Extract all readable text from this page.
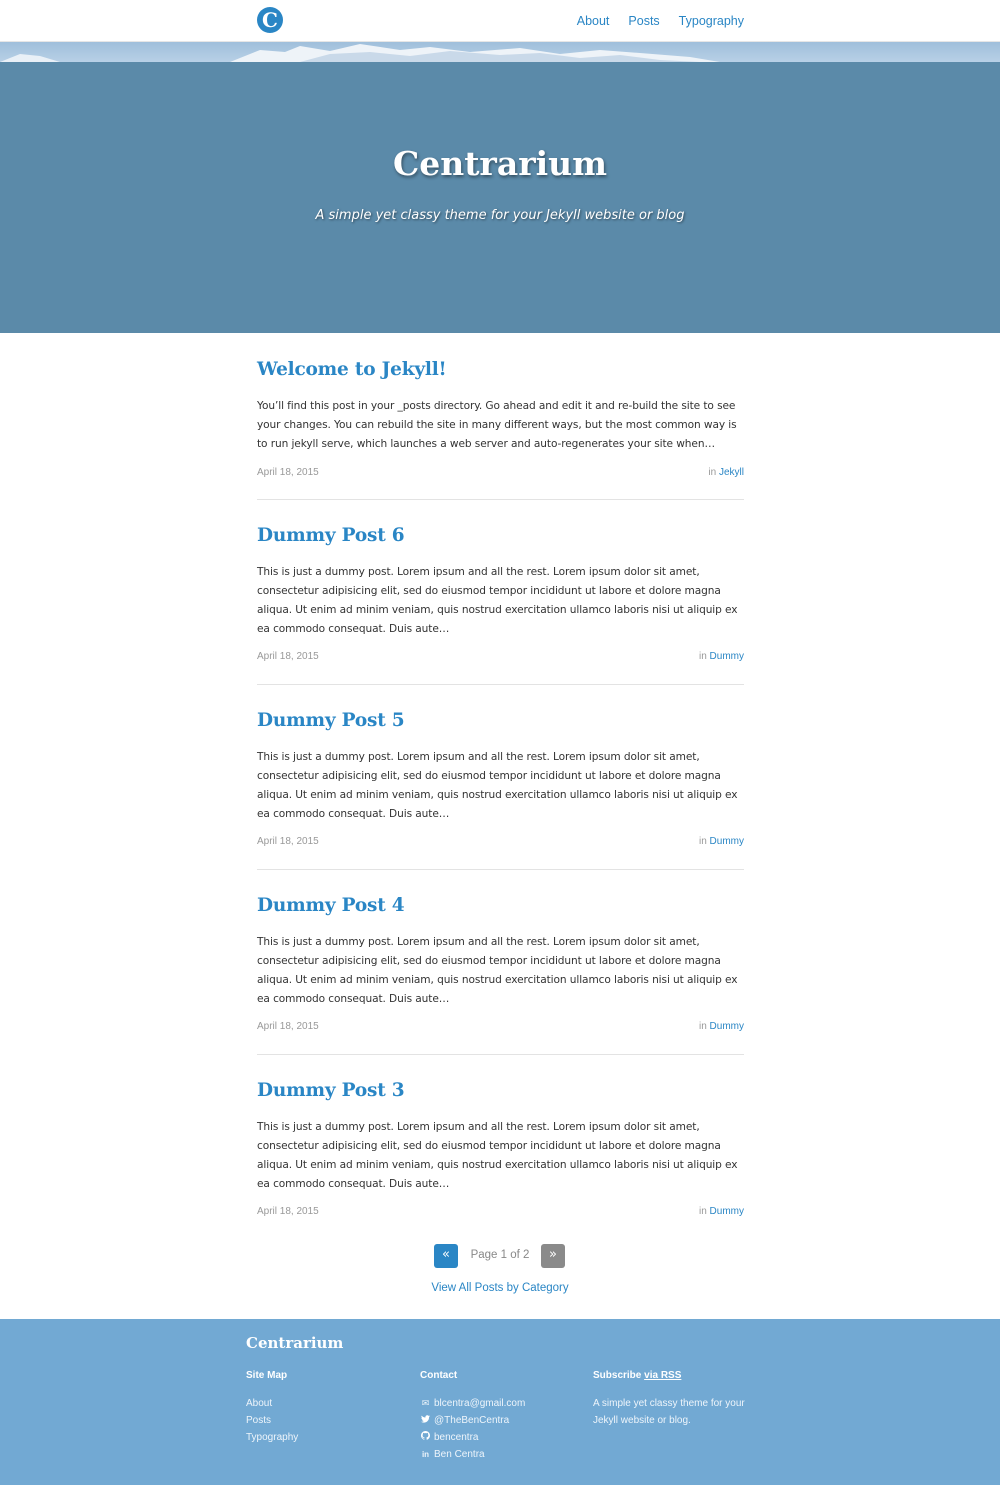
C	About Posts Typography
Centrarium
A simple yet classy theme for your Jekyll website or blog
Welcome to Jekyll!
You’ll find this post in your _posts directory. Go ahead and edit it and re-build the site to see your changes. You can rebuild the site in many different ways, but the most common way is to run jekyll serve, which launches a web server and auto-regenerates your site when…
April 18, 2015	in Jekyll
Dummy Post 6
This is just a dummy post. Lorem ipsum and all the rest. Lorem ipsum dolor sit amet, consectetur adipisicing elit, sed do eiusmod tempor incididunt ut labore et dolore magna aliqua. Ut enim ad minim veniam, quis nostrud exercitation ullamco laboris nisi ut aliquip ex ea commodo consequat. Duis aute…
April 18, 2015	in Dummy
Dummy Post 5
This is just a dummy post. Lorem ipsum and all the rest. Lorem ipsum dolor sit amet, consectetur adipisicing elit, sed do eiusmod tempor incididunt ut labore et dolore magna aliqua. Ut enim ad minim veniam, quis nostrud exercitation ullamco laboris nisi ut aliquip ex ea commodo consequat. Duis aute…
April 18, 2015	in Dummy
Dummy Post 4
This is just a dummy post. Lorem ipsum and all the rest. Lorem ipsum dolor sit amet, consectetur adipisicing elit, sed do eiusmod tempor incididunt ut labore et dolore magna aliqua. Ut enim ad minim veniam, quis nostrud exercitation ullamco laboris nisi ut aliquip ex ea commodo consequat. Duis aute…
April 18, 2015	in Dummy
Dummy Post 3
This is just a dummy post. Lorem ipsum and all the rest. Lorem ipsum dolor sit amet, consectetur adipisicing elit, sed do eiusmod tempor incididunt ut labore et dolore magna aliqua. Ut enim ad minim veniam, quis nostrud exercitation ullamco laboris nisi ut aliquip ex ea commodo consequat. Duis aute…
April 18, 2015	in Dummy
«	Page 1 of 2	»
View All Posts by Category
Centrarium
Site Map
About
Posts
Typography
Contact
✉ blcentra@gmail.com
@TheBenCentra
bencentra
in Ben Centra
Subscribe via RSS

A simple yet classy theme for your Jekyll website or blog.
